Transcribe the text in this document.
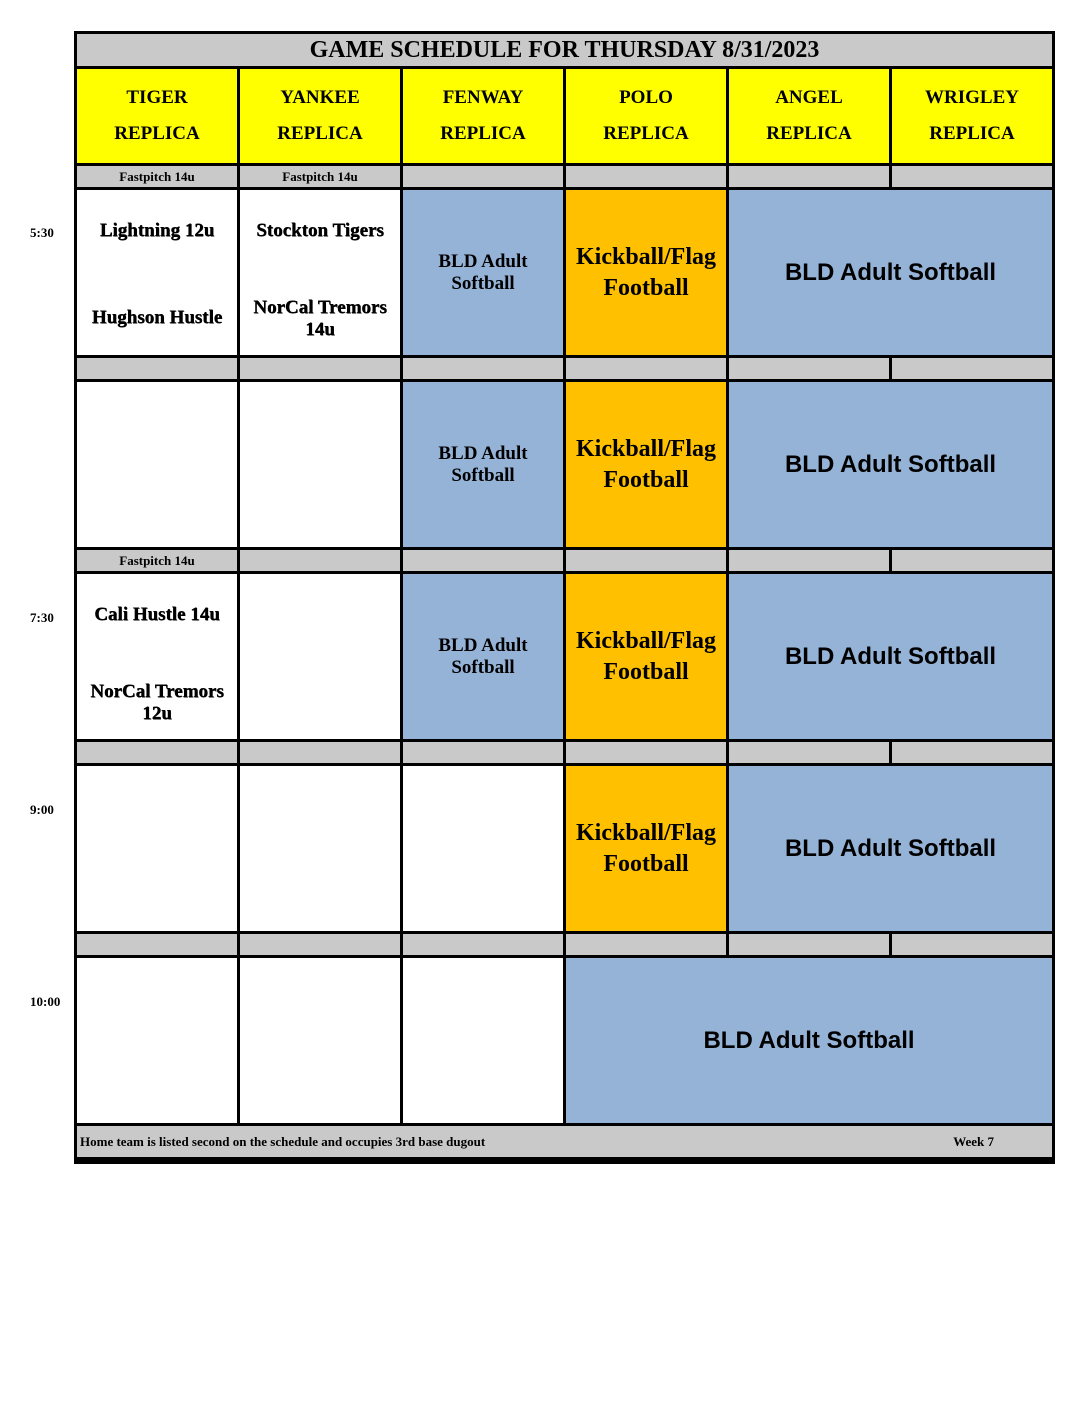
5:30
7:30
9:00
10:00
GAME SCHEDULE FOR THURSDAY 8/31/2023
TIGER
REPLICA
YANKEE
REPLICA
FENWAY
REPLICA
POLO
REPLICA
ANGEL
REPLICA
WRIGLEY
REPLICA
Fastpitch 14u	Fastpitch 14u
Lightning 12u
Hughson Hustle
Stockton Tigers
NorCal Tremors 14u
BLD Adult Softball
Kickball/Flag Football
BLD Adult Softball
BLD Adult Softball
Kickball/Flag Football
BLD Adult Softball
Fastpitch 14u
Cali Hustle 14u
NorCal Tremors 12u
BLD Adult Softball
Kickball/Flag Football
BLD Adult Softball
Kickball/Flag Football
BLD Adult Softball
BLD Adult Softball
Home team is listed second on the schedule and occupies 3rd base dugout	Week 7
